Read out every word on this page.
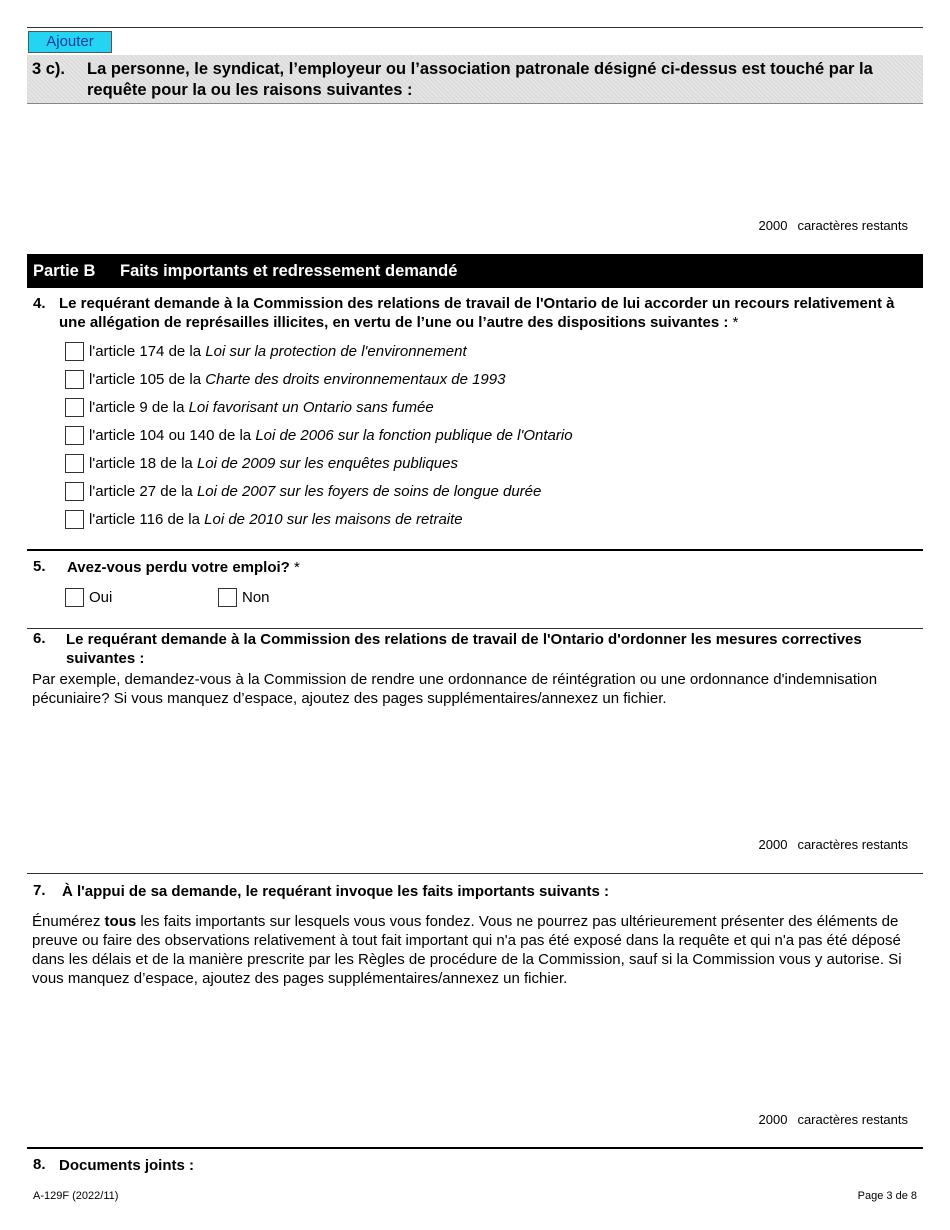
Ajouter
3 c). La personne, le syndicat, l’employeur ou l’association patronale désigné ci-dessus est touché par la requête pour la ou les raisons suivantes :
2000 caractères restants
Partie B Faits importants et redressement demandé
4. Le requérant demande à la Commission des relations de travail de l'Ontario de lui accorder un recours relativement à une allégation de représailles illicites, en vertu de l’une ou l’autre des dispositions suivantes : *
l'article 174 de la Loi sur la protection de l'environnement
l'article 105 de la Charte des droits environnementaux de 1993
l'article 9 de la Loi favorisant un Ontario sans fumée
l'article 104 ou 140 de la Loi de 2006 sur la fonction publique de l'Ontario
l'article 18 de la Loi de 2009 sur les enquêtes publiques
l'article 27 de la Loi de 2007 sur les foyers de soins de longue durée
l'article 116 de la Loi de 2010 sur les maisons de retraite
5. Avez-vous perdu votre emploi? *
Oui	Non
6. Le requérant demande à la Commission des relations de travail de l'Ontario d'ordonner les mesures correctives suivantes :
Par exemple, demandez-vous à la Commission de rendre une ordonnance de réintégration ou une ordonnance d'indemnisation pécuniaire? Si vous manquez d’espace, ajoutez des pages supplémentaires/annexez un fichier.
2000 caractères restants
7. À l'appui de sa demande, le requérant invoque les faits importants suivants :
Énumérez tous les faits importants sur lesquels vous vous fondez. Vous ne pourrez pas ultérieurement présenter des éléments de preuve ou faire des observations relativement à tout fait important qui n'a pas été exposé dans la requête et qui n'a pas été déposé dans les délais et de la manière prescrite par les Règles de procédure de la Commission, sauf si la Commission vous y autorise. Si vous manquez d’espace, ajoutez des pages supplémentaires/annexez un fichier.
2000 caractères restants
8. Documents joints :
A-129F (2022/11)	Page 3 de 8
